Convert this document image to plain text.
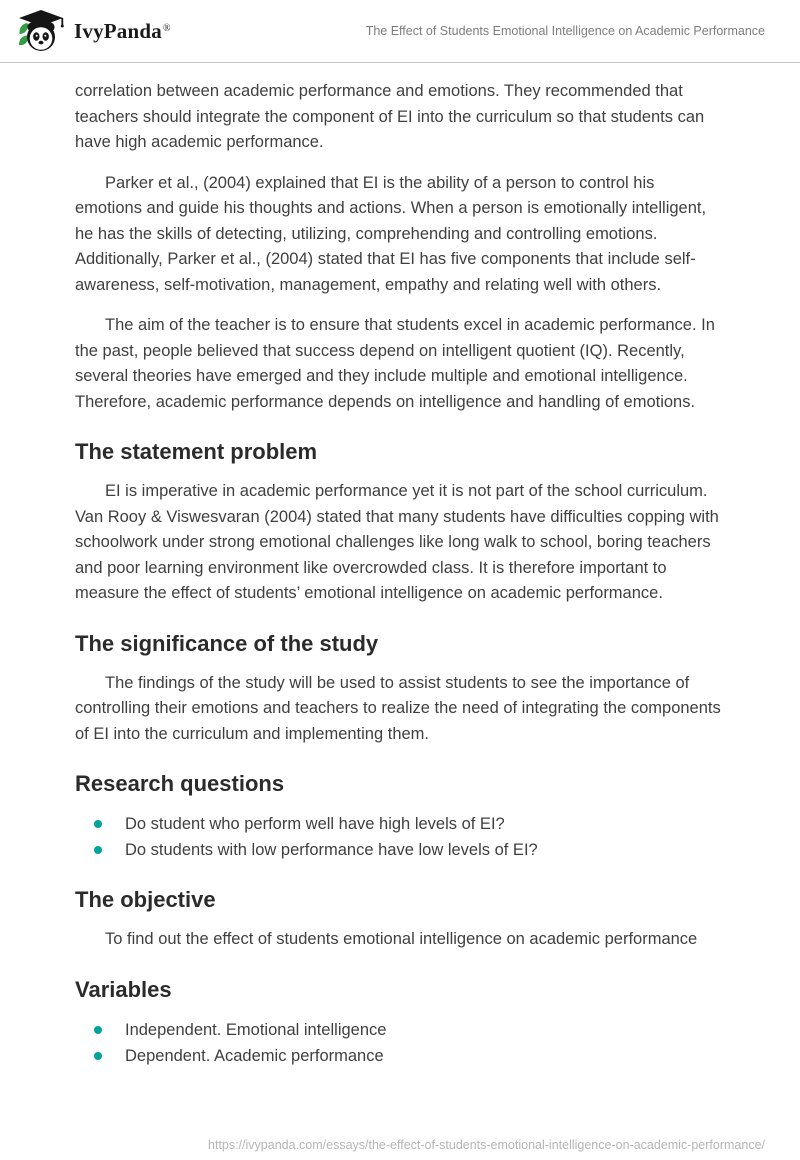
IvyPanda®	The Effect of Students Emotional Intelligence on Academic Performance

correlation between academic performance and emotions. They recommended that teachers should integrate the component of EI into the curriculum so that students can have high academic performance.

Parker et al., (2004) explained that EI is the ability of a person to control his emotions and guide his thoughts and actions. When a person is emotionally intelligent, he has the skills of detecting, utilizing, comprehending and controlling emotions. Additionally, Parker et al., (2004) stated that EI has five components that include self-awareness, self-motivation, management, empathy and relating well with others.

The aim of the teacher is to ensure that students excel in academic performance. In the past, people believed that success depend on intelligent quotient (IQ). Recently, several theories have emerged and they include multiple and emotional intelligence. Therefore, academic performance depends on intelligence and handling of emotions.

The statement problem

EI is imperative in academic performance yet it is not part of the school curriculum. Van Rooy & Viswesvaran (2004) stated that many students have difficulties copping with schoolwork under strong emotional challenges like long walk to school, boring teachers and poor learning environment like overcrowded class. It is therefore important to measure the effect of students’ emotional intelligence on academic performance.

The significance of the study

The findings of the study will be used to assist students to see the importance of controlling their emotions and teachers to realize the need of integrating the components of EI into the curriculum and implementing them.

Research questions
Do student who perform well have high levels of EI?
Do students with low performance have low levels of EI?
The objective

To find out the effect of students emotional intelligence on academic performance

Variables
Independent. Emotional intelligence
Dependent. Academic performance
https://ivypanda.com/essays/the-effect-of-students-emotional-intelligence-on-academic-performance/
